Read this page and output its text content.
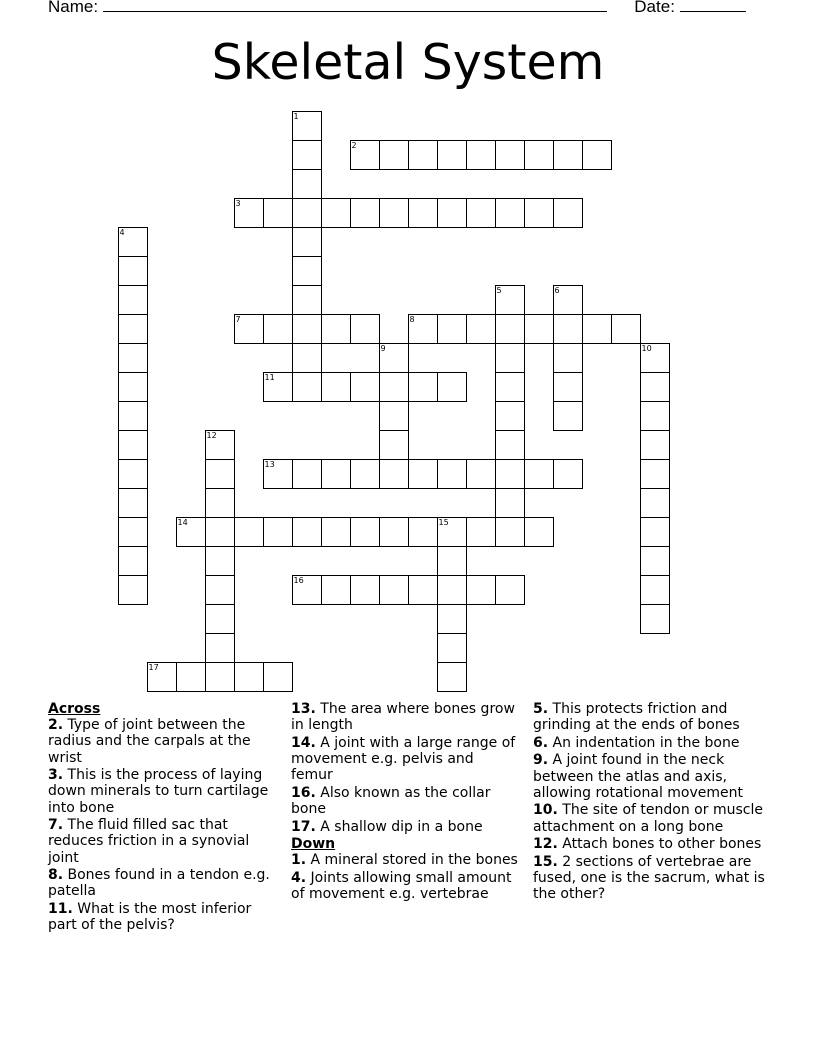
Name:	Date:
Skeletal System
1
2
3
4
5	6
7	8
9	10
11
12
13
14	15
16
17
Across
2. Type of joint between the radius and the carpals at the wrist
3. This is the process of laying down minerals to turn cartilage into bone
7. The fluid filled sac that reduces friction in a synovial joint
8. Bones found in a tendon e.g. patella
11. What is the most inferior part of the pelvis?
13. The area where bones grow in length
14. A joint with a large range of movement e.g. pelvis and femur
16. Also known as the collar bone
17. A shallow dip in a bone
Down
1. A mineral stored in the bones
4. Joints allowing small amount of movement e.g. vertebrae
5. This protects friction and grinding at the ends of bones
6. An indentation in the bone
9. A joint found in the neck between the atlas and axis, allowing rotational movement
10. The site of tendon or muscle attachment on a long bone
12. Attach bones to other bones
15. 2 sections of vertebrae are fused, one is the sacrum, what is the other?
